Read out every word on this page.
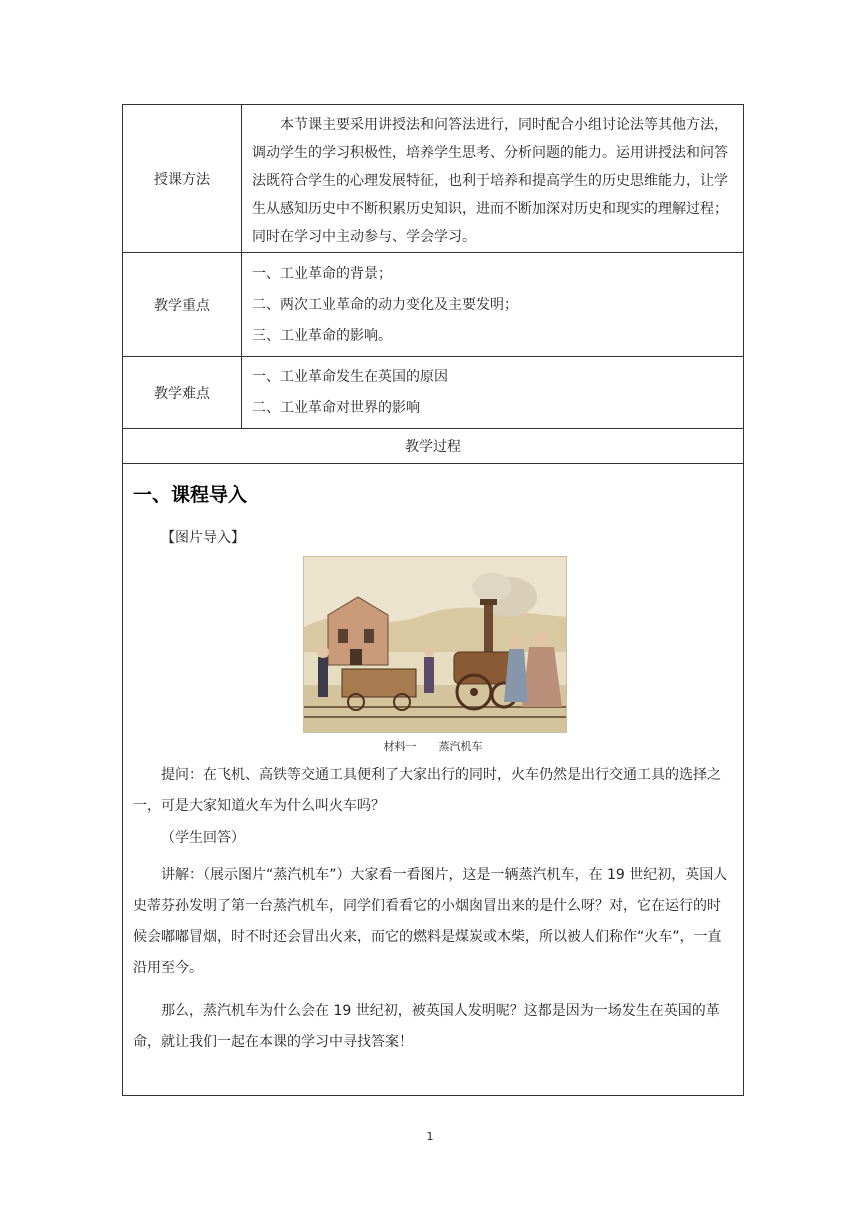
授课方法

本节课主要采用讲授法和问答法进行，同时配合小组讨论法等其他方法，调动学生的学习积极性，培养学生思考、分析问题的能力。运用讲授法和问答法既符合学生的心理发展特征，也利于培养和提高学生的历史思维能力，让学生从感知历史中不断积累历史知识，进而不断加深对历史和现实的理解过程；同时在学习中主动参与、学会学习。

教学重点

一、工业革命的背景；

二、两次工业革命的动力变化及主要发明；

三、工业革命的影响。

教学难点

一、工业革命发生在英国的原因

二、工业革命对世界的影响

教学过程
一、课程导入

【图片导入】

材料一　　蒸汽机车

提问：在飞机、高铁等交通工具便利了大家出行的同时，火车仍然是出行交通工具的选择之一，可是大家知道火车为什么叫火车吗？

（学生回答）

讲解：（展示图片“蒸汽机车”）大家看一看图片，这是一辆蒸汽机车，在 19 世纪初，英国人史蒂芬孙发明了第一台蒸汽机车，同学们看看它的小烟囱冒出来的是什么呀？对，它在运行的时候会嘟嘟冒烟，时不时还会冒出火来，而它的燃料是煤炭或木柴，所以被人们称作“火车”，一直沿用至今。

那么，蒸汽机车为什么会在 19 世纪初，被英国人发明呢？这都是因为一场发生在英国的革命，就让我们一起在本课的学习中寻找答案！

1
